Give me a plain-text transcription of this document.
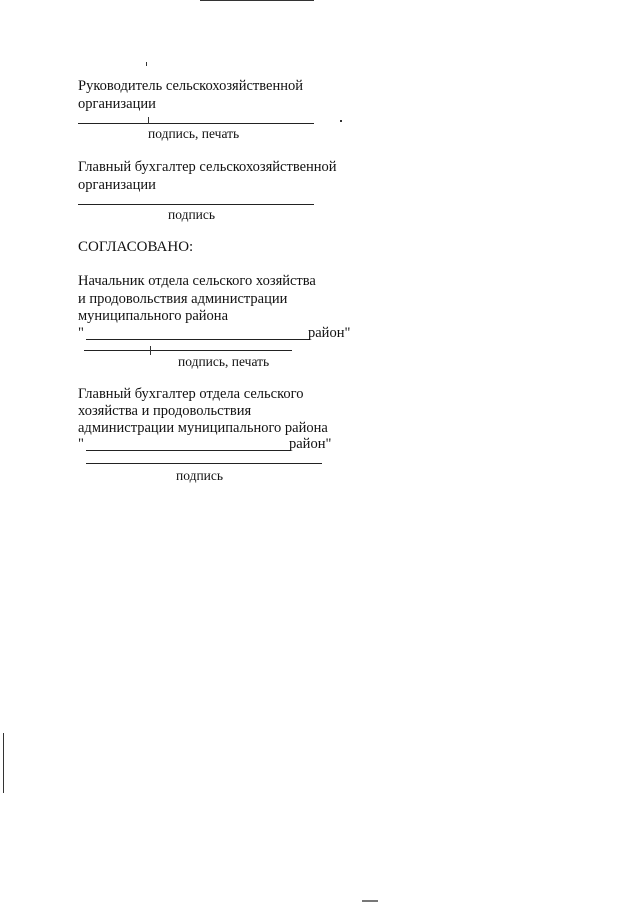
Руководитель сельскохозяйственной
организации
подпись, печать
Главный бухгалтер сельскохозяйственной
организации
подпись
СОГЛАСОВАНО:
Начальник отдела сельского хозяйства
и продовольствия администрации
муниципального района
"	район"
подпись, печать
Главный бухгалтер отдела сельского
хозяйства и продовольствия
администрации муниципального района
"	район"
подпись
